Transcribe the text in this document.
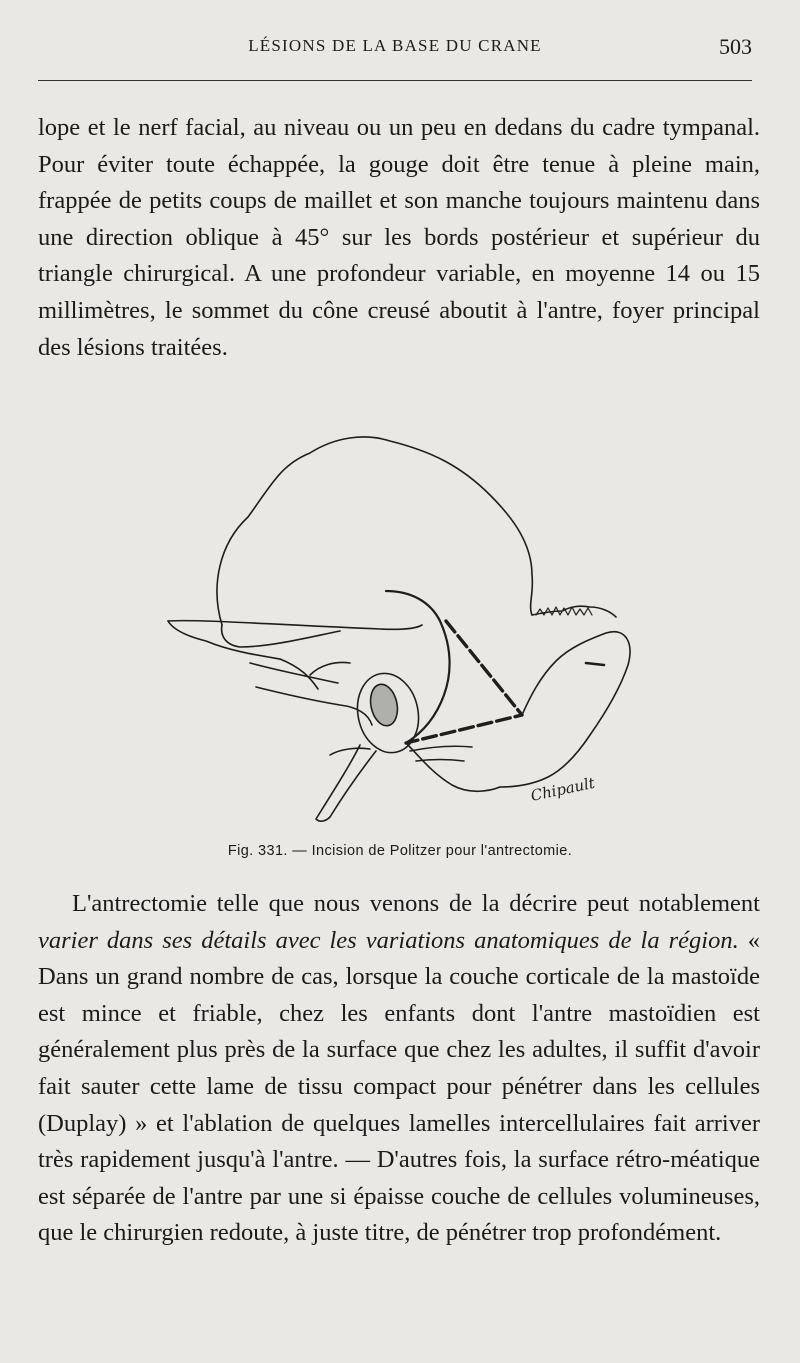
LÉSIONS DE LA BASE DU CRANE	503

lope et le nerf facial, au niveau ou un peu en dedans du cadre tympanal. Pour éviter toute échappée, la gouge doit être tenue à pleine main, frappée de petits coups de maillet et son manche toujours maintenu dans une direction oblique à 45° sur les bords postérieur et supérieur du triangle chirurgical. A une profondeur variable, en moyenne 14 ou 15 millimètres, le sommet du cône creusé aboutit à l'antre, foyer principal des lésions traitées.

Chipault
Fig. 331. — Incision de Politzer pour l'antrectomie.

L'antrectomie telle que nous venons de la décrire peut notablement varier dans ses détails avec les variations anatomiques de la région. « Dans un grand nombre de cas, lorsque la couche corticale de la mastoïde est mince et friable, chez les enfants dont l'antre mastoïdien est généralement plus près de la surface que chez les adultes, il suffit d'avoir fait sauter cette lame de tissu compact pour pénétrer dans les cellules (Duplay) » et l'ablation de quelques lamelles intercellulaires fait arriver très rapidement jusqu'à l'antre. — D'autres fois, la surface rétro-méatique est séparée de l'antre par une si épaisse couche de cellules volumineuses, que le chirurgien redoute, à juste titre, de pénétrer trop profondément.
